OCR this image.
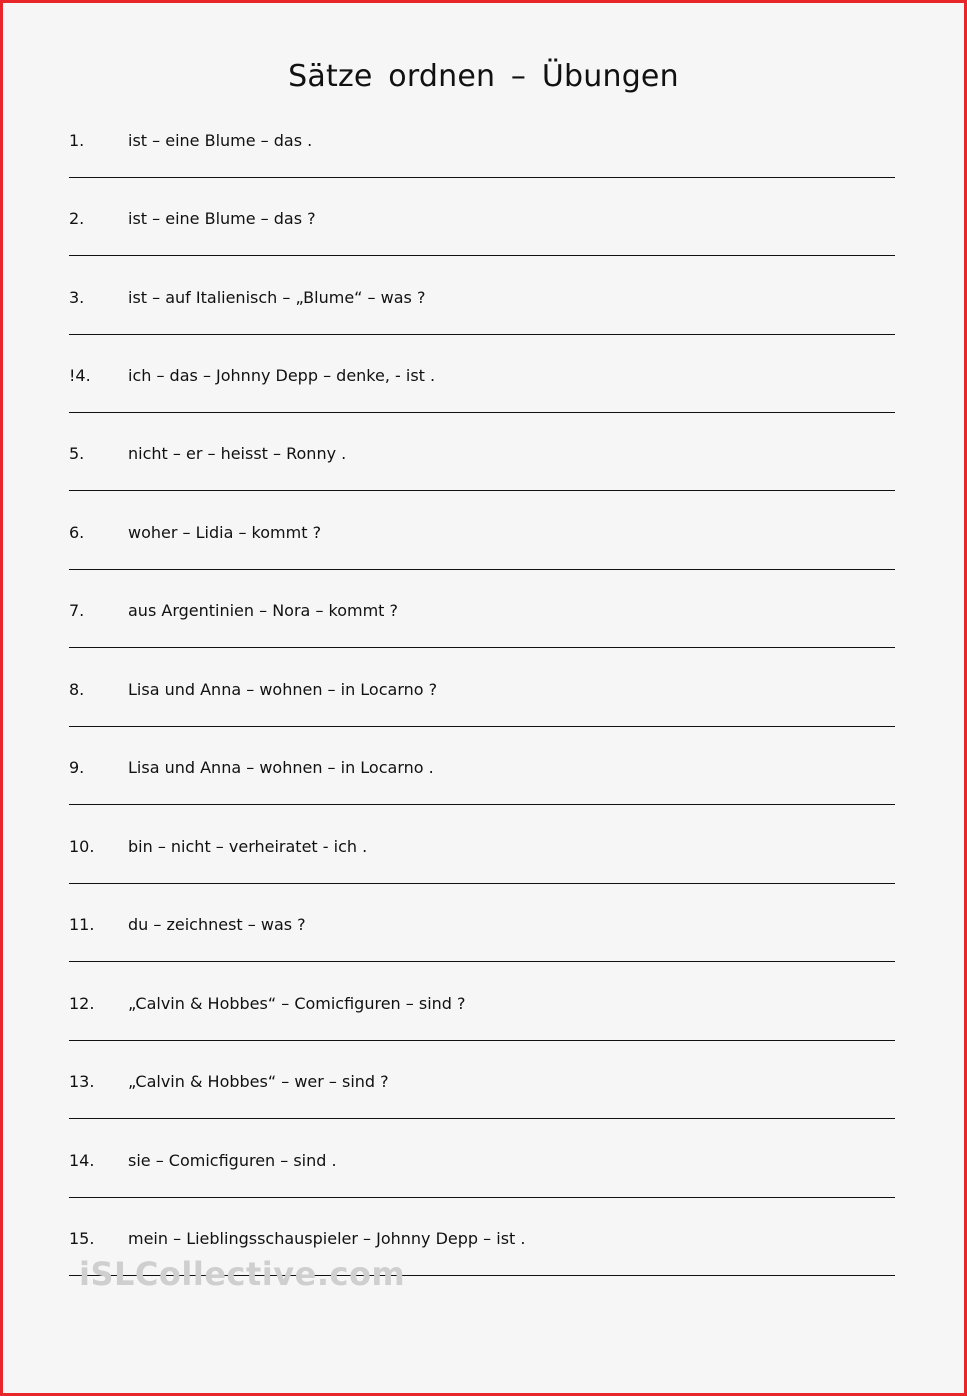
Sätze ordnen – Übungen
1.	ist – eine Blume – das .
2.	ist – eine Blume – das ?
3.	ist – auf Italienisch – „Blume“ – was ?
!4. ich – das – Johnny Depp – denke, - ist .
5.	nicht – er – heisst – Ronny .
6.	woher – Lidia – kommt ?
7.	aus Argentinien – Nora – kommt ?
8.	Lisa und Anna – wohnen – in Locarno ?
9.	Lisa und Anna – wohnen – in Locarno .
10. bin – nicht – verheiratet - ich .
11. du – zeichnest – was ?
12. „Calvin & Hobbes“ – Comicfiguren – sind ?
13. „Calvin & Hobbes“ – wer – sind ?
14. sie – Comicfiguren – sind .
15. mein – Lieblingsschauspieler – Johnny Depp – ist .
iSLCollective.com
